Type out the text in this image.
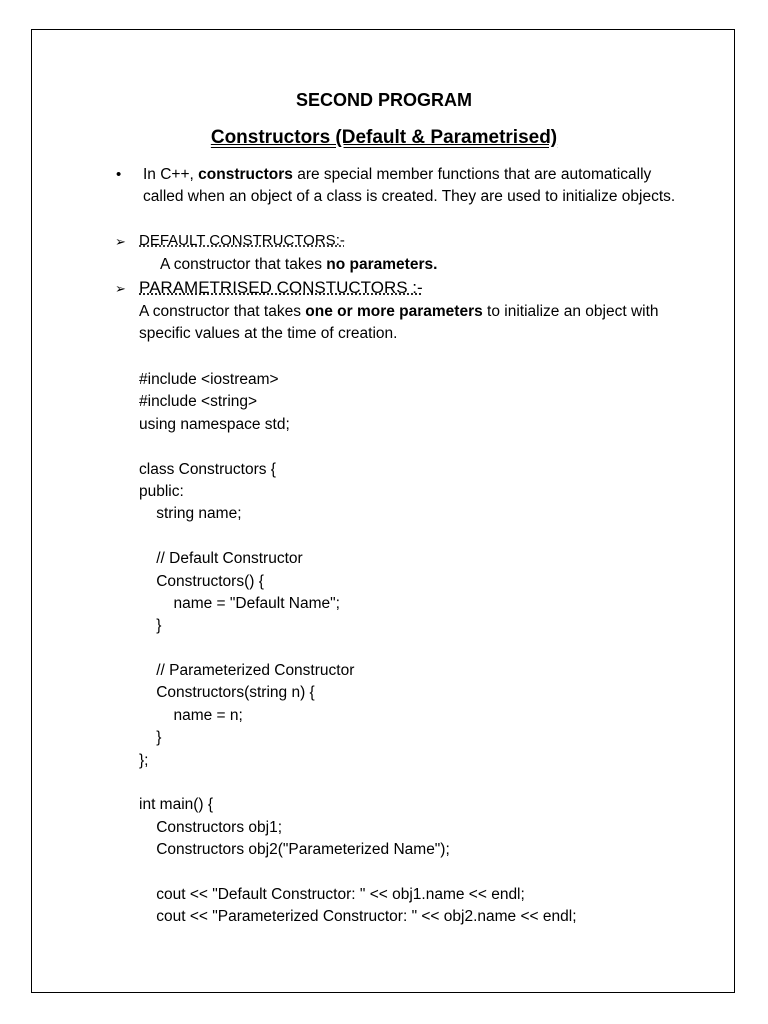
SECOND PROGRAM
Constructors (Default & Parametrised)
• In C++, constructors are special member functions that are automatically called when an object of a class is created. They are used to initialize objects.

➢ DEFAULT CONSTRUCTORS:-

A constructor that takes no parameters.

➢ PARAMETRISED CONSTUCTORS :-

A constructor that takes one or more parameters to initialize an object with specific values at the time of creation.

#include <iostream>
#include <string>
using namespace std;
class Constructors {
public:
string name;
// Default Constructor
Constructors() {
name = "Default Name";
}
// Parameterized Constructor
Constructors(string n) {
name = n;
}
};
int main() {
Constructors obj1;
Constructors obj2("Parameterized Name");
cout << "Default Constructor: " << obj1.name << endl;
cout << "Parameterized Constructor: " << obj2.name << endl;
